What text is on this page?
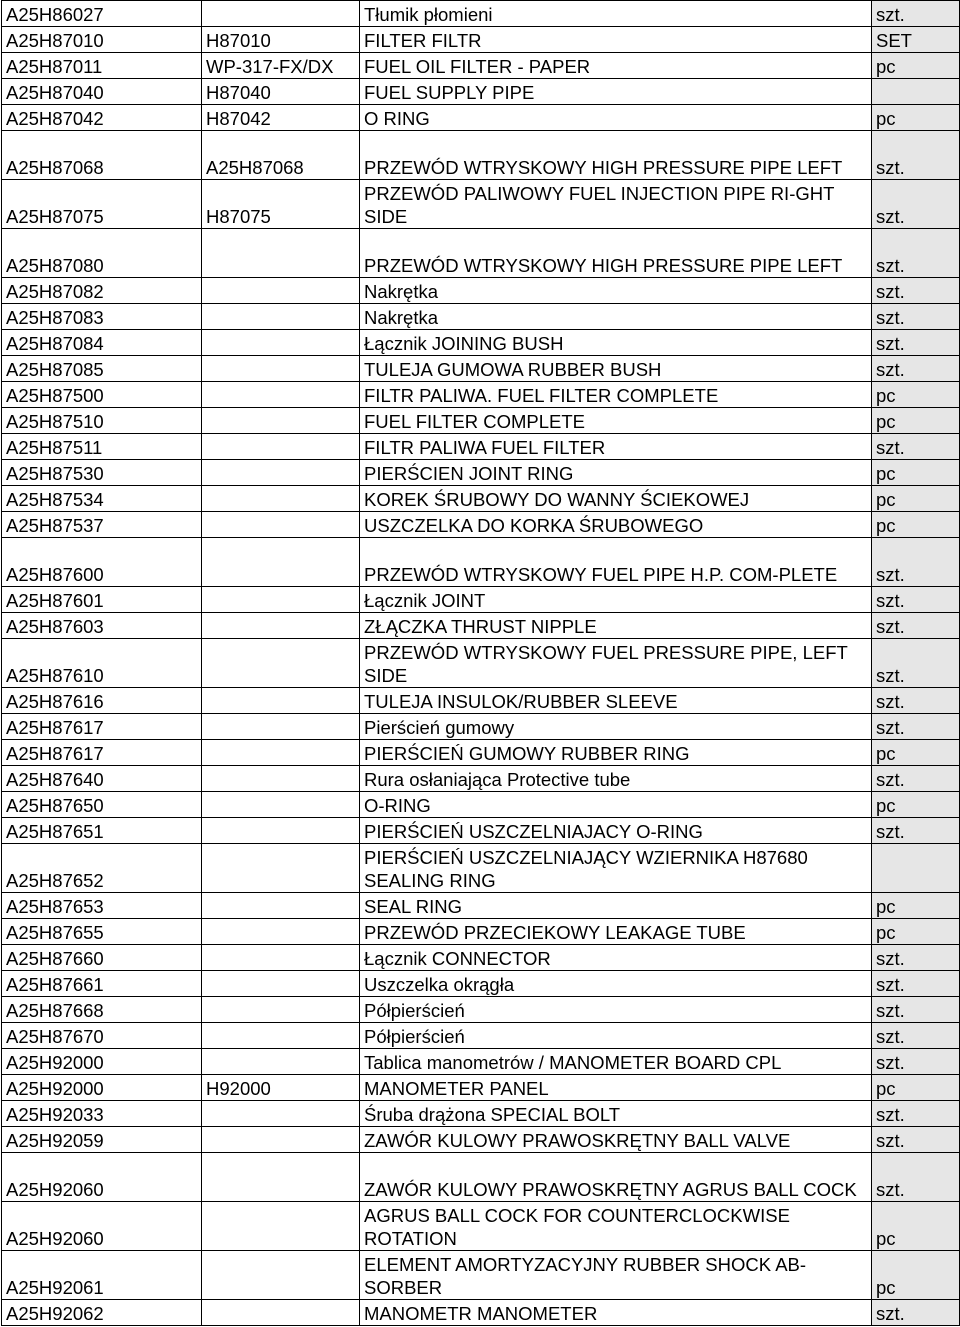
A25H86027		Tłumik płomieni	szt.
A25H87010	H87010	FILTER FILTR	SET
A25H87011	WP-317-FX/DX	FUEL OIL FILTER - PAPER	pc
A25H87040	H87040	FUEL SUPPLY PIPE	
A25H87042	H87042	O RING	pc
A25H87068	A25H87068	PRZEWÓD WTRYSKOWY HIGH PRESSURE PIPE LEFT	szt.
A25H87075	H87075	PRZEWÓD PALIWOWY FUEL INJECTION PIPE RI-GHT SIDE	szt.
A25H87080		PRZEWÓD WTRYSKOWY HIGH PRESSURE PIPE LEFT	szt.
A25H87082		Nakrętka	szt.
A25H87083		Nakrętka	szt.
A25H87084		Łącznik JOINING BUSH	szt.
A25H87085		TULEJA GUMOWA RUBBER BUSH	szt.
A25H87500		FILTR PALIWA. FUEL FILTER COMPLETE	pc
A25H87510		FUEL FILTER COMPLETE	pc
A25H87511		FILTR PALIWA FUEL FILTER	szt.
A25H87530		PIERŚCIEN JOINT RING	pc
A25H87534		KOREK ŚRUBOWY DO WANNY ŚCIEKOWEJ	pc
A25H87537		USZCZELKA DO KORKA ŚRUBOWEGO	pc
A25H87600		PRZEWÓD WTRYSKOWY FUEL PIPE H.P. COM-PLETE	szt.
A25H87601		Łącznik JOINT	szt.
A25H87603		ZŁĄCZKA THRUST NIPPLE	szt.
A25H87610		PRZEWÓD WTRYSKOWY FUEL PRESSURE PIPE, LEFT SIDE	szt.
A25H87616		TULEJA INSULOK/RUBBER SLEEVE	szt.
A25H87617		Pierścień gumowy	szt.
A25H87617		PIERŚCIEŃ GUMOWY RUBBER RING	pc
A25H87640		Rura osłaniająca Protective tube	szt.
A25H87650		O-RING	pc
A25H87651		PIERŚCIEŃ USZCZELNIAJACY O-RING	szt.
A25H87652		PIERŚCIEŃ USZCZELNIAJĄCY WZIERNIKA H87680 SEALING RING	
A25H87653		SEAL RING	pc
A25H87655		PRZEWÓD PRZECIEKOWY LEAKAGE TUBE	pc
A25H87660		Łącznik CONNECTOR	szt.
A25H87661		Uszczelka okrągła	szt.
A25H87668		Półpierścień	szt.
A25H87670		Półpierścień	szt.
A25H92000		Tablica manometrów / MANOMETER BOARD CPL	szt.
A25H92000	H92000	MANOMETER PANEL	pc
A25H92033		Śruba drążona SPECIAL BOLT	szt.
A25H92059		ZAWÓR KULOWY PRAWOSKRĘTNY BALL VALVE	szt.
A25H92060		ZAWÓR KULOWY PRAWOSKRĘTNY AGRUS BALL COCK	szt.
A25H92060		AGRUS BALL COCK FOR COUNTERCLOCKWISE ROTATION	pc
A25H92061		ELEMENT AMORTYZACYJNY RUBBER SHOCK AB-SORBER	pc
A25H92062		MANOMETR MANOMETER	szt.
